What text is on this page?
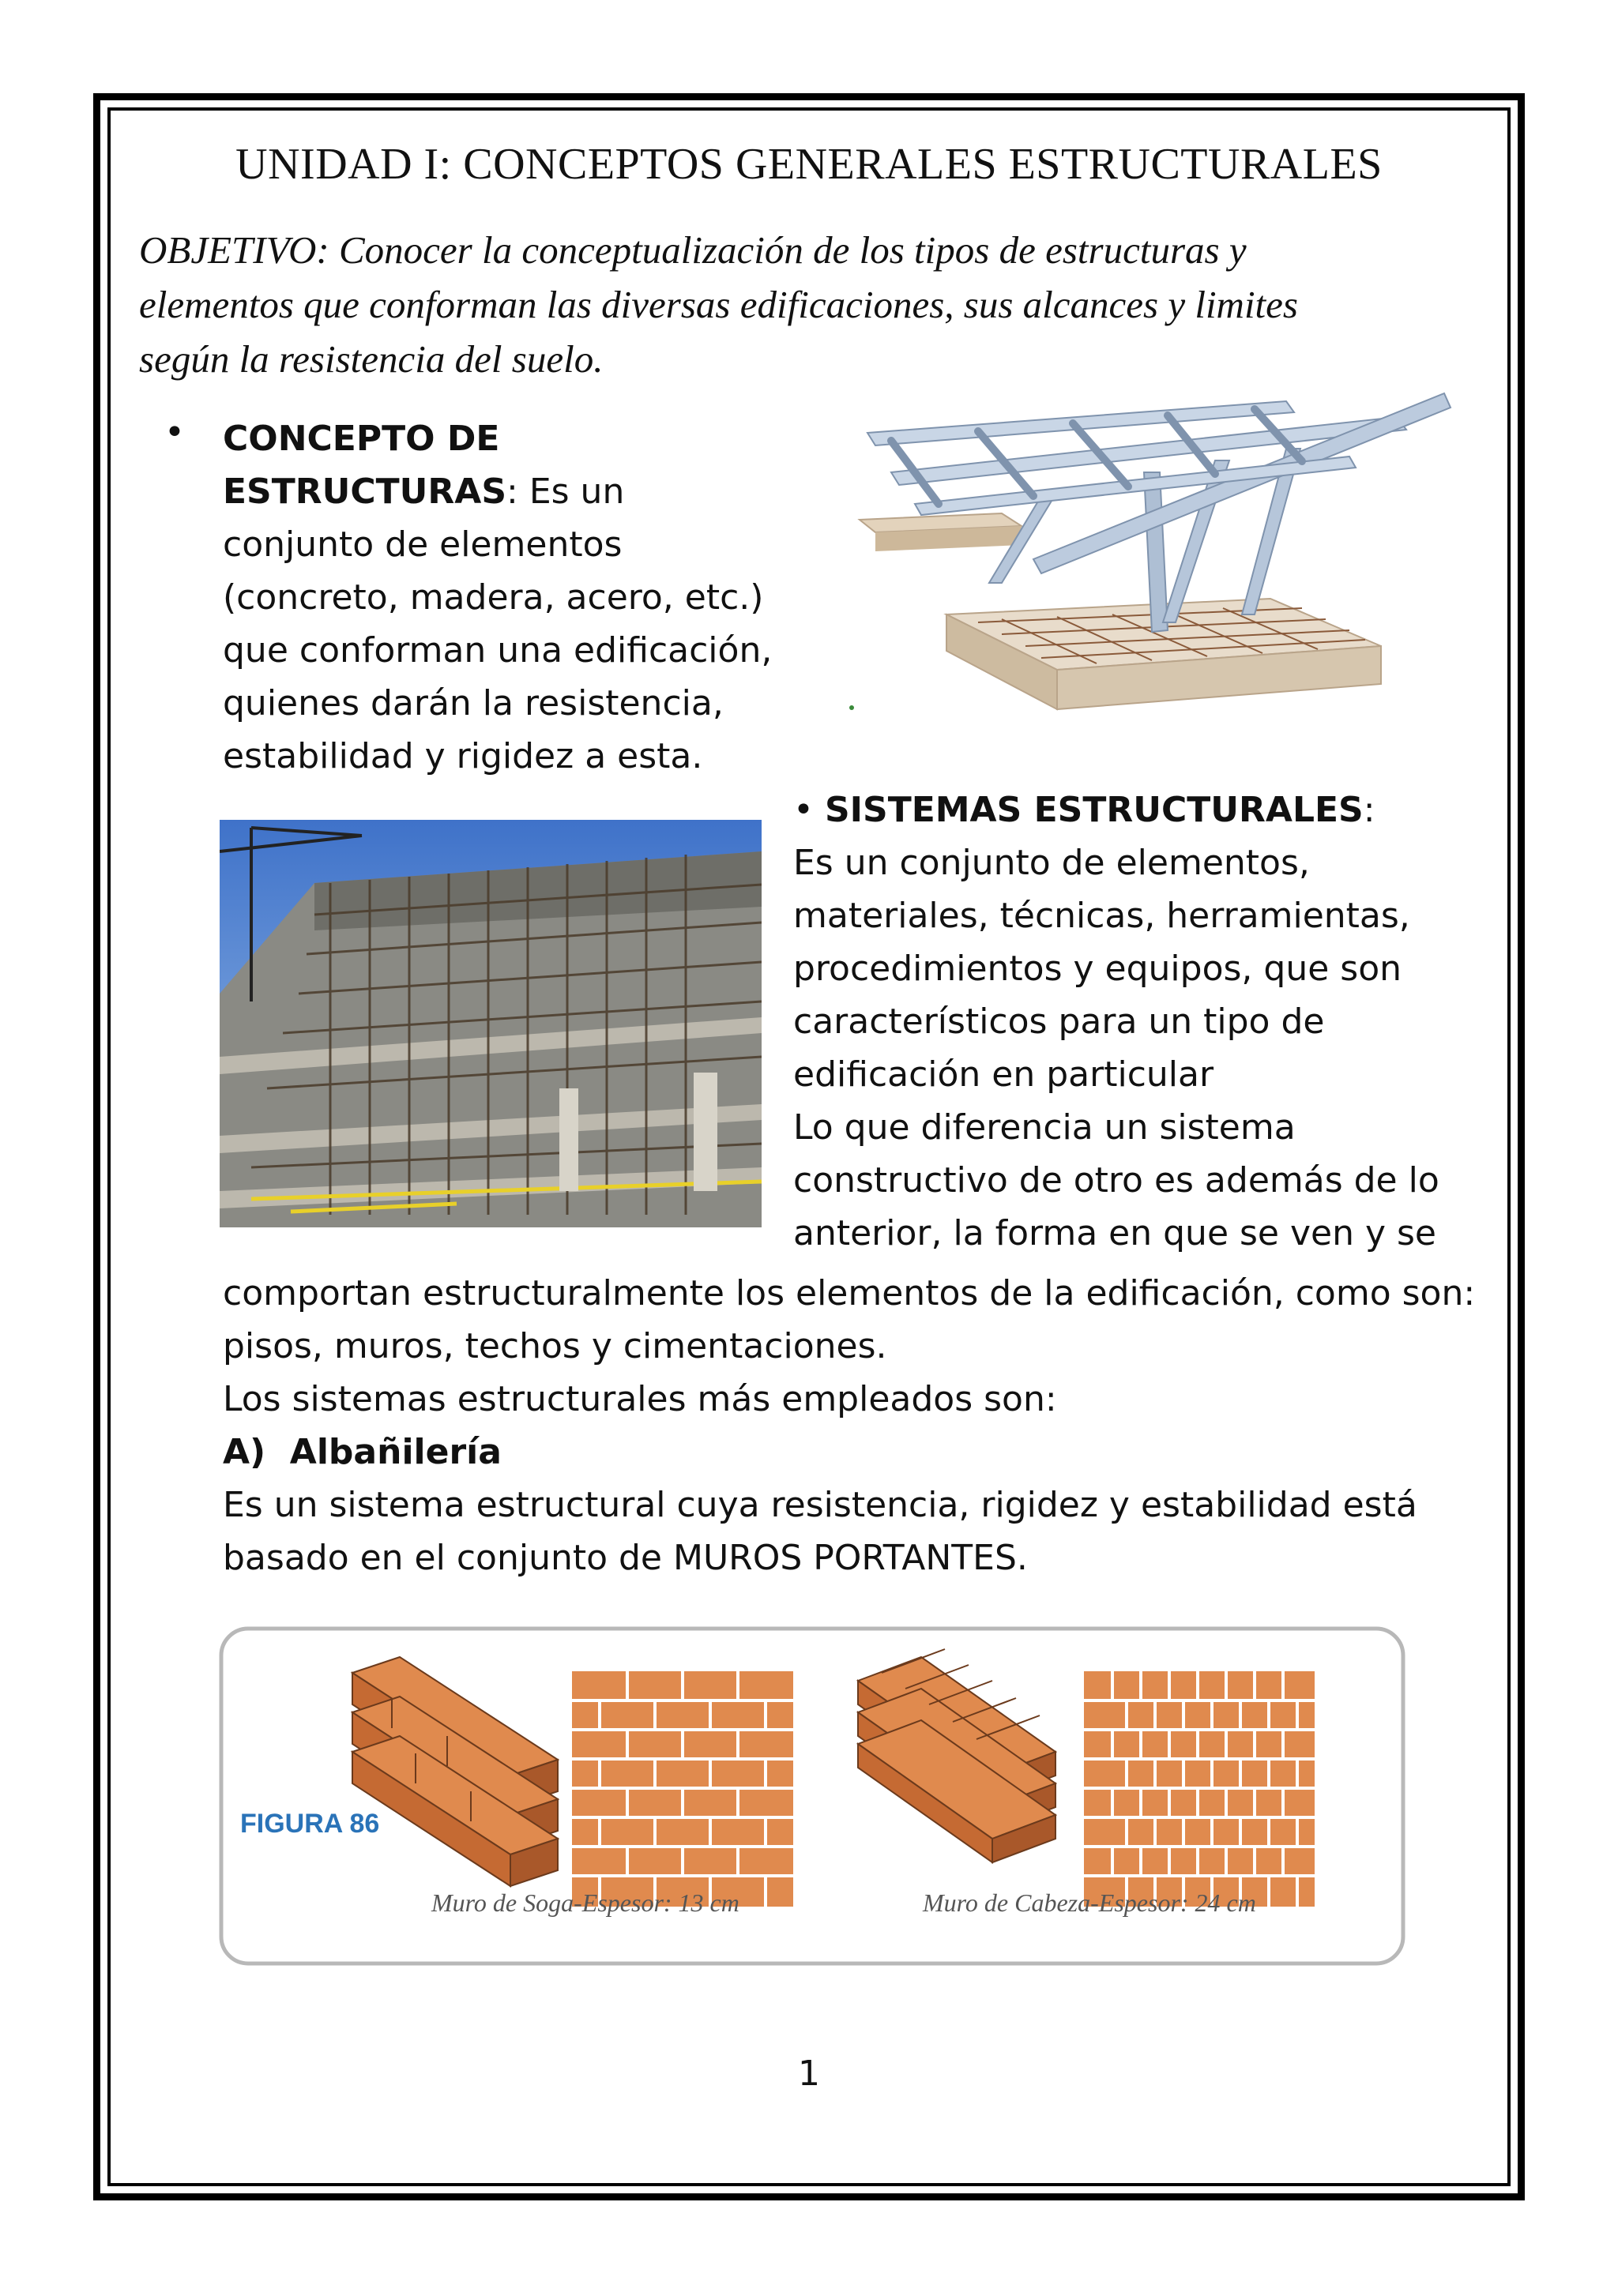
UNIDAD I: CONCEPTOS GENERALES ESTRUCTURALES
OBJETIVO: Conocer la conceptualización de los tipos de estructuras y
elementos que conforman las diversas edificaciones, sus alcances y limites
según la resistencia del suelo.
• CONCEPTO DE
ESTRUCTURAS: Es un
conjunto de elementos
(concreto, madera, acero, etc.)
que conforman una edificación,
quienes darán la resistencia,
estabilidad y rigidez a esta.
• SISTEMAS ESTRUCTURALES:
Es un conjunto de elementos,
materiales, técnicas, herramientas,
procedimientos y equipos, que son
característicos para un tipo de
edificación en particular
Lo que diferencia un sistema
constructivo de otro es además de lo
anterior, la forma en que se ven y se
comportan estructuralmente los elementos de la edificación, como son:
pisos, muros, techos y cimentaciones.
Los sistemas estructurales más empleados son:
A)  Albañilería
Es un sistema estructural cuya resistencia, rigidez y estabilidad está
basado en el conjunto de MUROS PORTANTES.
FIGURA 86
Muro de Soga-Espesor: 13 cm	Muro de Cabeza-Espesor: 24 cm
1
